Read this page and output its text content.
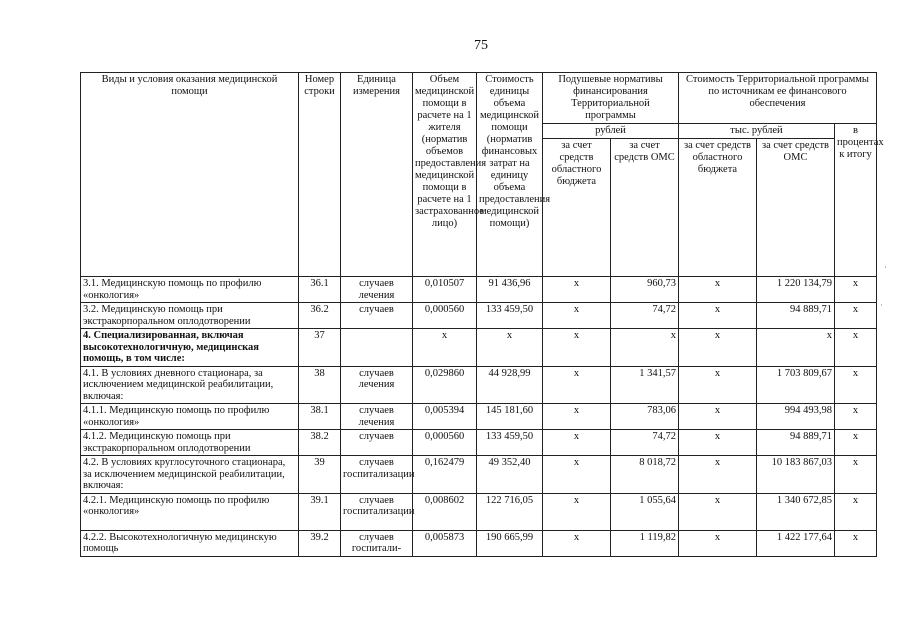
75
Виды и условия оказания медицинской помощи	Номер строки	Единица измерения	Объем медицинской помощи в расчете на 1 жителя (норматив объемов предоставления медицинской помощи в расчете на 1 застрахованное лицо)	Стоимость единицы объема медицинской помощи (норматив финансовых затрат на единицу объема предоставления медицинской помощи)	Подушевые нормативы финансирования Территориальной программы		Стоимость Территориальной программы по источникам ее финансового обеспечения		
					рублей		тыс. рублей		в процентах к итогу
					за счет средств областного бюджета	за счет средств ОМС	за счет средств областного бюджета	за счет средств ОМС	
3.1. Медицинскую помощь по профилю «онкология»	36.1	случаев лечения	0,010507	91 436,96	х	960,73	х	1 220 134,79	х
3.2. Медицинскую помощь при экстракорпоральном оплодотворении	36.2	случаев	0,000560	133 459,50	х	74,72	х	94 889,71	х
4. Специализированная, включая высокотехнологичную, медицинская помощь, в том числе:	37		х	х	х	х	х	х	х
4.1. В условиях дневного стационара, за исключением медицинской реабилитации, включая:	38	случаев лечения	0,029860	44 928,99	х	1 341,57	х	1 703 809,67	х
4.1.1. Медицинскую помощь по профилю «онкология»	38.1	случаев лечения	0,005394	145 181,60	х	783,06	х	994 493,98	х
4.1.2. Медицинскую помощь при экстракорпоральном оплодотворении	38.2	случаев	0,000560	133 459,50	х	74,72	х	94 889,71	х
4.2. В условиях круглосуточного стационара, за исключением медицинской реабилитации, включая:	39	случаев госпитализации	0,162479	49 352,40	х	8 018,72	х	10 183 867,03	х
4.2.1. Медицинскую помощь по профилю «онкология»	39.1	случаев госпитализации	0,008602	122 716,05	х	1 055,64	х	1 340 672,85	х
4.2.2. Высокотехнологичную медицинскую помощь	39.2	случаев госпитали-	0,005873	190 665,99	х	1 119,82	х	1 422 177,64	х
·
·
